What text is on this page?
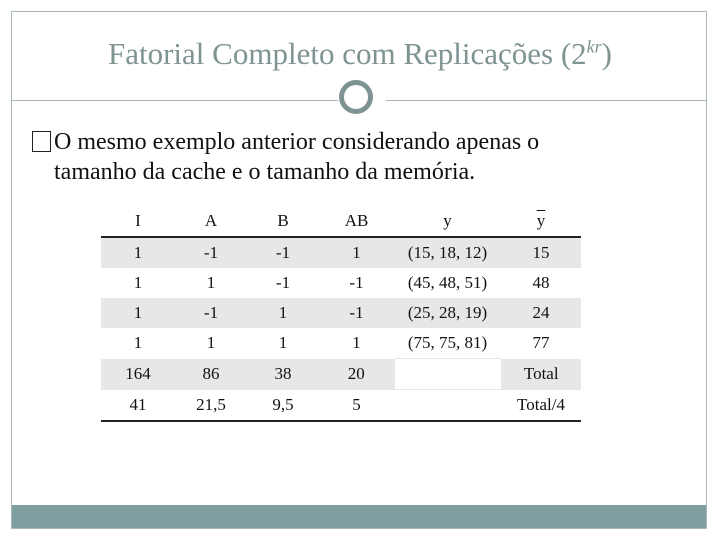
Fatorial Completo com Replicações $(2^{kr})$
O mesmo exemplo anterior considerando apenas o
tamanho da cache e o tamanho da memória.
I	A	B	AB	y	$\overline{y}$
1	-1	-1	1	(15, 18, 12)	15
1	1	-1	-1	(45, 48, 51)	48
1	-1	1	-1	(25, 28, 19)	24
1	1	1	1	(75, 75, 81)	77
164	86	38	20		Total
41	21,5	9,5	5		Total/4
